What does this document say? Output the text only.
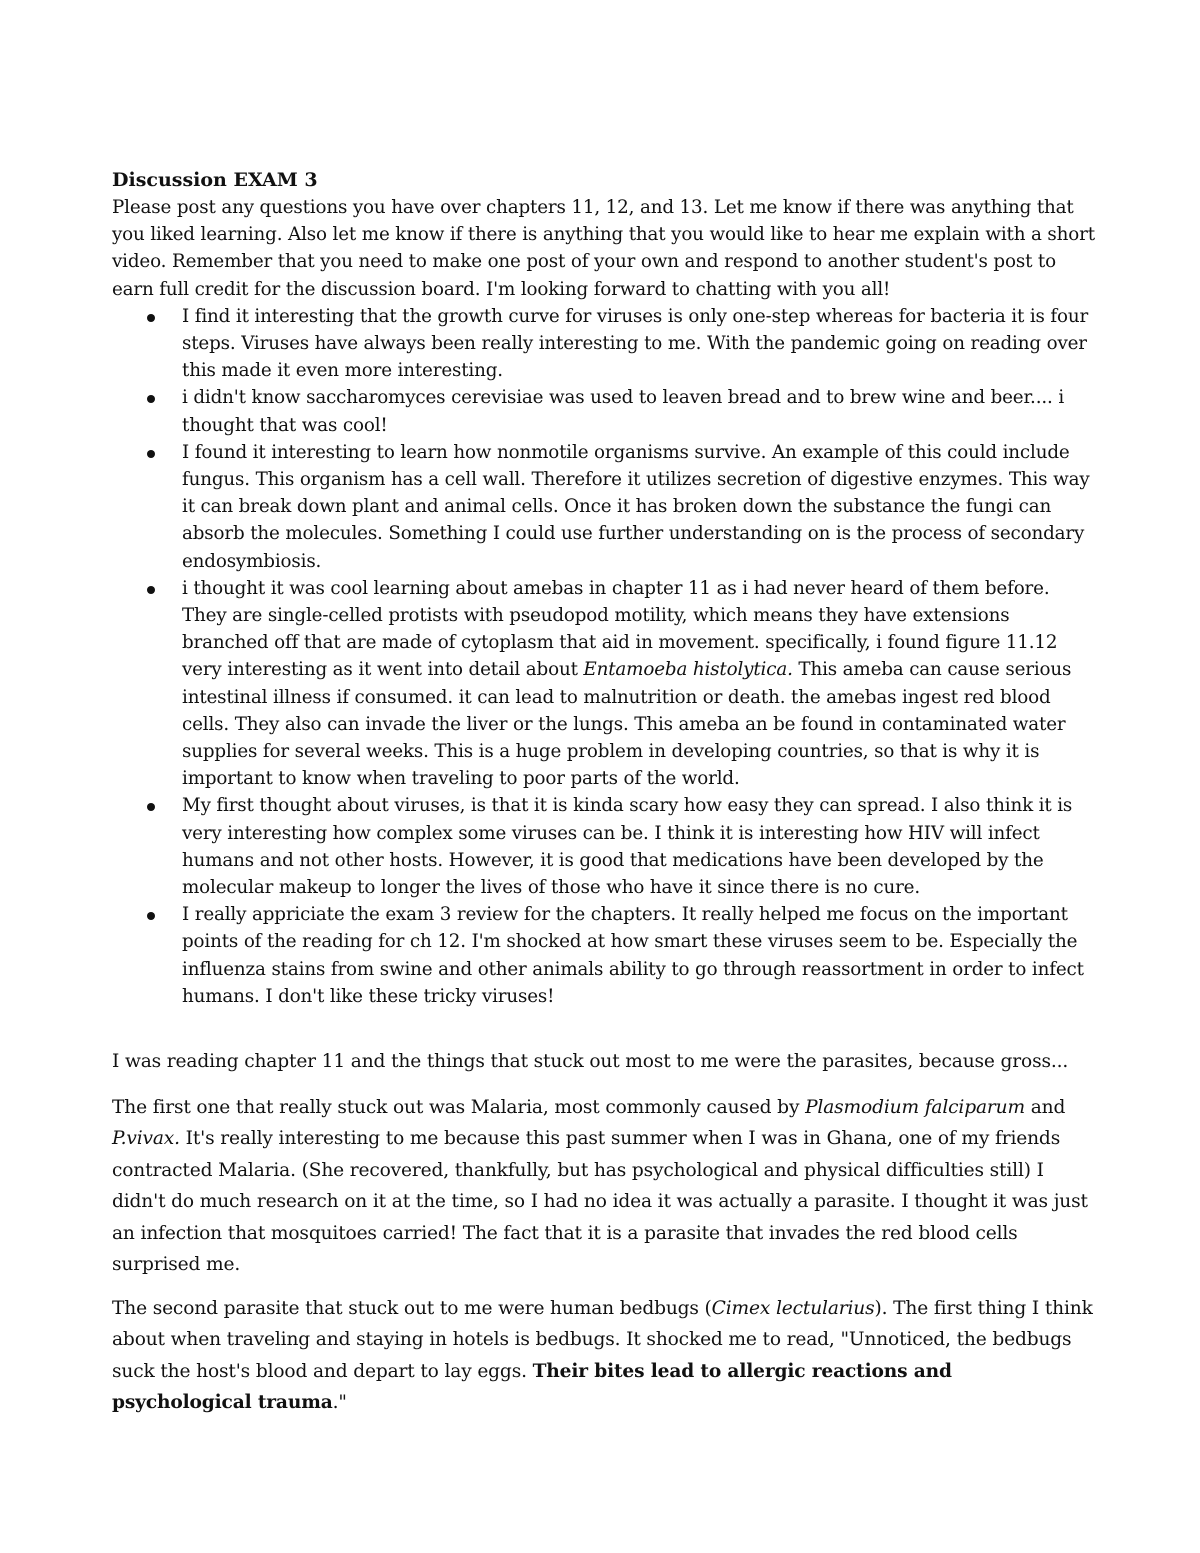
Discussion EXAM 3

Please post any questions you have over chapters 11, 12, and 13. Let me know if there was anything that you liked learning. Also let me know if there is anything that you would like to hear me explain with a short video. Remember that you need to make one post of your own and respond to another student's post to earn full credit for the discussion board. I'm looking forward to chatting with you all!

I find it interesting that the growth curve for viruses is only one-step whereas for bacteria it is four steps. Viruses have always been really interesting to me. With the pandemic going on reading over this made it even more interesting.
i didn't know saccharomyces cerevisiae was used to leaven bread and to brew wine and beer.... i thought that was cool!
I found it interesting to learn how nonmotile organisms survive. An example of this could include fungus. This organism has a cell wall. Therefore it utilizes secretion of digestive enzymes. This way it can break down plant and animal cells. Once it has broken down the substance the fungi can absorb the molecules. Something I could use further understanding on is the process of secondary endosymbiosis.
i thought it was cool learning about amebas in chapter 11 as i had never heard of them before. They are single-celled protists with pseudopod motility, which means they have extensions branched off that are made of cytoplasm that aid in movement. specifically, i found figure 11.12 very interesting as it went into detail about Entamoeba histolytica. This ameba can cause serious intestinal illness if consumed. it can lead to malnutrition or death. the amebas ingest red blood cells. They also can invade the liver or the lungs. This ameba an be found in contaminated water supplies for several weeks. This is a huge problem in developing countries, so that is why it is important to know when traveling to poor parts of the world.
My first thought about viruses, is that it is kinda scary how easy they can spread. I also think it is very interesting how complex some viruses can be. I think it is interesting how HIV will infect humans and not other hosts. However, it is good that medications have been developed by the molecular makeup to longer the lives of those who have it since there is no cure.
I really appriciate the exam 3 review for the chapters. It really helped me focus on the important points of the reading for ch 12. I'm shocked at how smart these viruses seem to be. Especially the influenza stains from swine and other animals ability to go through reassortment in order to infect humans. I don't like these tricky viruses!

I was reading chapter 11 and the things that stuck out most to me were the parasites, because gross...

The first one that really stuck out was Malaria, most commonly caused by Plasmodium falciparum and P.vivax. It's really interesting to me because this past summer when I was in Ghana, one of my friends contracted Malaria. (She recovered, thankfully, but has psychological and physical difficulties still) I didn't do much research on it at the time, so I had no idea it was actually a parasite. I thought it was just an infection that mosquitoes carried! The fact that it is a parasite that invades the red blood cells surprised me.

The second parasite that stuck out to me were human bedbugs (Cimex lectularius). The first thing I think about when traveling and staying in hotels is bedbugs. It shocked me to read, "Unnoticed, the bedbugs suck the host's blood and depart to lay eggs. Their bites lead to allergic reactions and psychological trauma."
